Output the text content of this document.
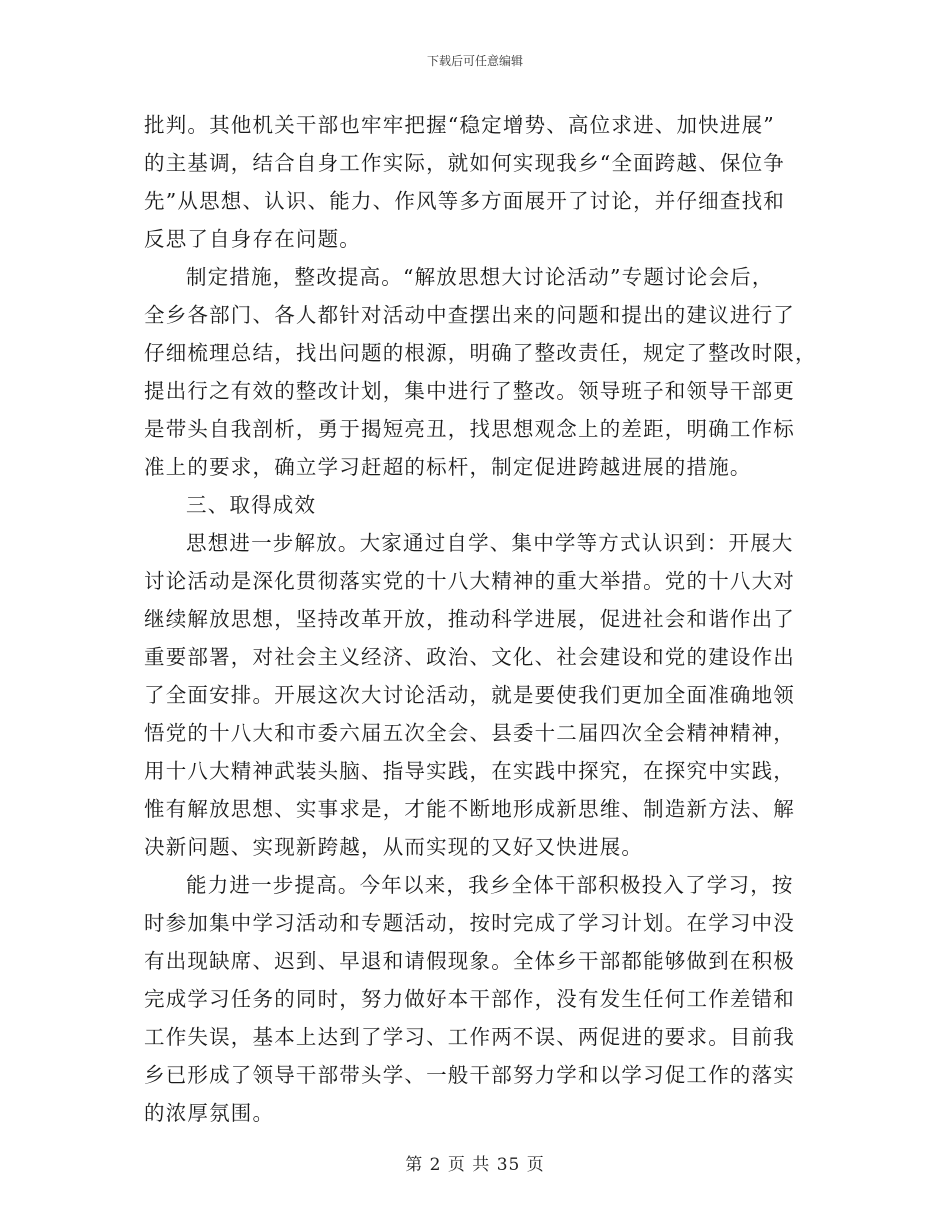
下载后可任意编辑

批判。其他机关干部也牢牢把握“稳定增势、高位求进、加快进展”
的主基调，结合自身工作实际，就如何实现我乡“全面跨越、保位争
先”从思想、认识、能力、作风等多方面展开了讨论，并仔细查找和
反思了自身存在问题。

制定措施，整改提高。“解放思想大讨论活动”专题讨论会后，
全乡各部门、各人都针对活动中查摆出来的问题和提出的建议进行了
仔细梳理总结，找出问题的根源，明确了整改责任，规定了整改时限，
提出行之有效的整改计划，集中进行了整改。领导班子和领导干部更
是带头自我剖析，勇于揭短亮丑，找思想观念上的差距，明确工作标
准上的要求，确立学习赶超的标杆，制定促进跨越进展的措施。

三、取得成效

思想进一步解放。大家通过自学、集中学等方式认识到：开展大
讨论活动是深化贯彻落实党的十八大精神的重大举措。党的十八大对
继续解放思想，坚持改革开放，推动科学进展，促进社会和谐作出了
重要部署，对社会主义经济、政治、文化、社会建设和党的建设作出
了全面安排。开展这次大讨论活动，就是要使我们更加全面准确地领
悟党的十八大和市委六届五次全会、县委十二届四次全会精神精神，
用十八大精神武装头脑、指导实践，在实践中探究，在探究中实践，
惟有解放思想、实事求是，才能不断地形成新思维、制造新方法、解
决新问题、实现新跨越，从而实现的又好又快进展。

能力进一步提高。今年以来，我乡全体干部积极投入了学习，按
时参加集中学习活动和专题活动，按时完成了学习计划。在学习中没
有出现缺席、迟到、早退和请假现象。全体乡干部都能够做到在积极
完成学习任务的同时，努力做好本干部作，没有发生任何工作差错和
工作失误，基本上达到了学习、工作两不误、两促进的要求。目前我
乡已形成了领导干部带头学、一般干部努力学和以学习促工作的落实
的浓厚氛围。

第 2 页 共 35 页
